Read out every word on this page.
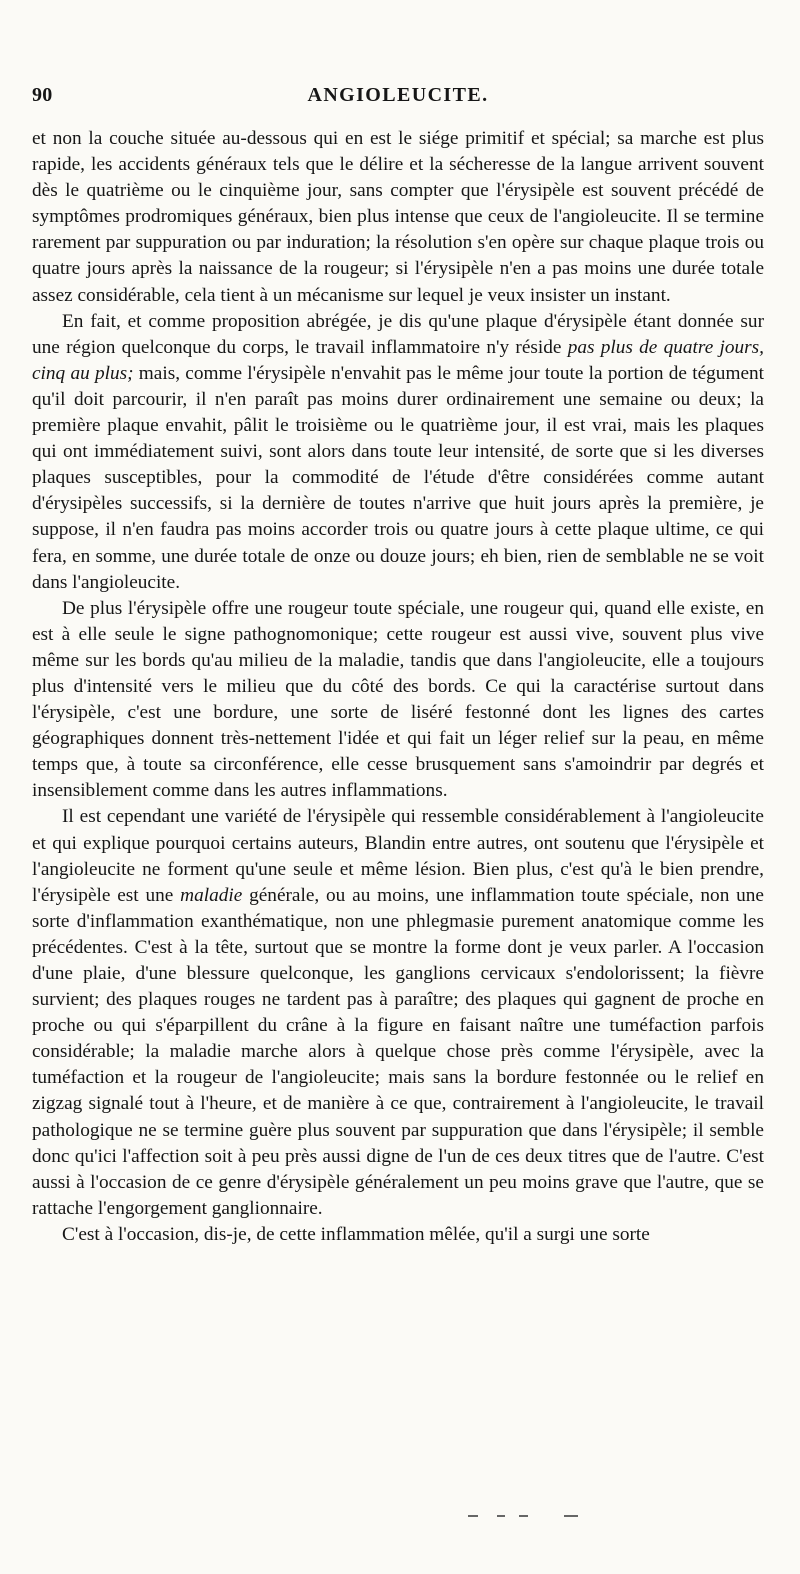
90	ANGIOLEUCITE.

et non la couche située au-dessous qui en est le siége primitif et spécial; sa marche est plus rapide, les accidents généraux tels que le délire et la sécheresse de la langue arrivent souvent dès le quatrième ou le cinquième jour, sans compter que l'érysipèle est souvent précédé de symptômes prodromiques généraux, bien plus intense que ceux de l'angioleucite. Il se termine rarement par suppuration ou par induration; la résolution s'en opère sur chaque plaque trois ou quatre jours après la naissance de la rougeur; si l'érysipèle n'en a pas moins une durée totale assez considérable, cela tient à un mécanisme sur lequel je veux insister un instant.

En fait, et comme proposition abrégée, je dis qu'une plaque d'érysipèle étant donnée sur une région quelconque du corps, le travail inflammatoire n'y réside pas plus de quatre jours, cinq au plus; mais, comme l'érysipèle n'envahit pas le même jour toute la portion de tégument qu'il doit parcourir, il n'en paraît pas moins durer ordinairement une semaine ou deux; la première plaque envahit, pâlit le troisième ou le quatrième jour, il est vrai, mais les plaques qui ont immédiatement suivi, sont alors dans toute leur intensité, de sorte que si les diverses plaques susceptibles, pour la commodité de l'étude d'être considérées comme autant d'érysipèles successifs, si la dernière de toutes n'arrive que huit jours après la première, je suppose, il n'en faudra pas moins accorder trois ou quatre jours à cette plaque ultime, ce qui fera, en somme, une durée totale de onze ou douze jours; eh bien, rien de semblable ne se voit dans l'angioleucite.

De plus l'érysipèle offre une rougeur toute spéciale, une rougeur qui, quand elle existe, en est à elle seule le signe pathognomonique; cette rougeur est aussi vive, souvent plus vive même sur les bords qu'au milieu de la maladie, tandis que dans l'angioleucite, elle a toujours plus d'intensité vers le milieu que du côté des bords. Ce qui la caractérise surtout dans l'érysipèle, c'est une bordure, une sorte de liséré festonné dont les lignes des cartes géographiques donnent très-nettement l'idée et qui fait un léger relief sur la peau, en même temps que, à toute sa circonférence, elle cesse brusquement sans s'amoindrir par degrés et insensiblement comme dans les autres inflammations.

Il est cependant une variété de l'érysipèle qui ressemble considérablement à l'angioleucite et qui explique pourquoi certains auteurs, Blandin entre autres, ont soutenu que l'érysipèle et l'angioleucite ne forment qu'une seule et même lésion. Bien plus, c'est qu'à le bien prendre, l'érysipèle est une maladie générale, ou au moins, une inflammation toute spéciale, non une sorte d'inflammation exanthématique, non une phlegmasie purement anatomique comme les précédentes. C'est à la tête, surtout que se montre la forme dont je veux parler. A l'occasion d'une plaie, d'une blessure quelconque, les ganglions cervicaux s'endolorissent; la fièvre survient; des plaques rouges ne tardent pas à paraître; des plaques qui gagnent de proche en proche ou qui s'éparpillent du crâne à la figure en faisant naître une tuméfaction parfois considérable; la maladie marche alors à quelque chose près comme l'érysipèle, avec la tuméfaction et la rougeur de l'angioleucite; mais sans la bordure festonnée ou le relief en zigzag signalé tout à l'heure, et de manière à ce que, contrairement à l'angioleucite, le travail pathologique ne se termine guère plus souvent par suppuration que dans l'érysipèle; il semble donc qu'ici l'affection soit à peu près aussi digne de l'un de ces deux titres que de l'autre. C'est aussi à l'occasion de ce genre d'érysipèle généralement un peu moins grave que l'autre, que se rattache l'engorgement ganglionnaire.

C'est à l'occasion, dis-je, de cette inflammation mêlée, qu'il a surgi une sorte
